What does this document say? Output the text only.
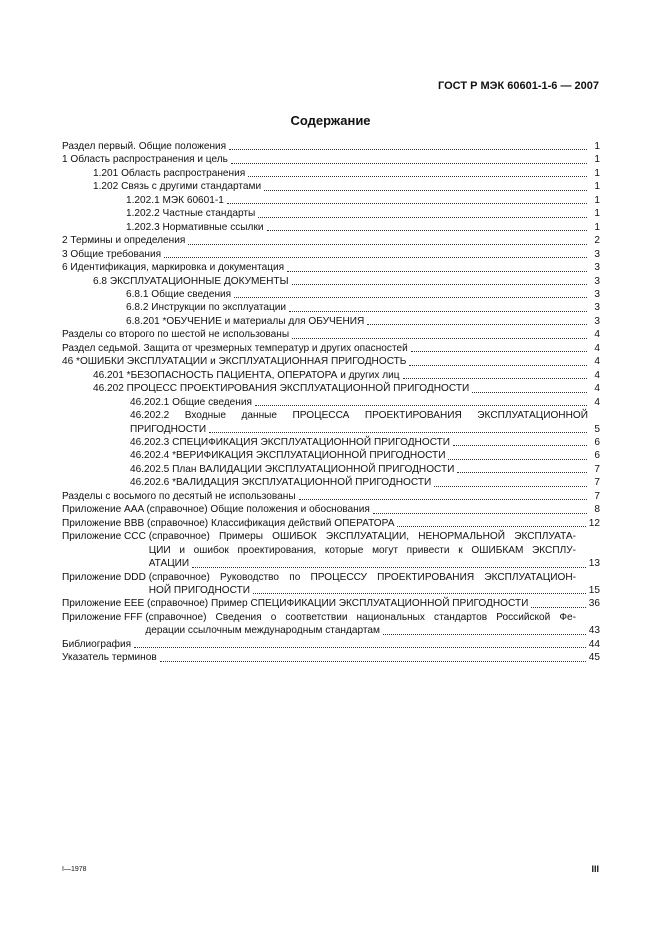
ГОСТ Р МЭК 60601-1-6 — 2007
Содержание
Раздел первый. Общие положения	1
1 Область распространения и цель	1
1.201 Область распространения	1
1.202 Связь с другими стандартами	1
1.202.1 МЭК 60601-1	1
1.202.2 Частные стандарты	1
1.202.3 Нормативные ссылки	1
2 Термины и определения	2
3 Общие требования	3
6 Идентификация, маркировка и документация	3
6.8 ЭКСПЛУАТАЦИОННЫЕ ДОКУМЕНТЫ	3
6.8.1 Общие сведения	3
6.8.2 Инструкции по эксплуатации	3
6.8.201 *ОБУЧЕНИЕ и материалы для ОБУЧЕНИЯ	3
Разделы со второго по шестой не использованы	4
Раздел седьмой. Защита от чрезмерных температур и других опасностей	4
46 *ОШИБКИ ЭКСПЛУАТАЦИИ и ЭКСПЛУАТАЦИОННАЯ ПРИГОДНОСТЬ	4
46.201 *БЕЗОПАСНОСТЬ ПАЦИЕНТА, ОПЕРАТОРА и других лиц	4
46.202 ПРОЦЕСС ПРОЕКТИРОВАНИЯ ЭКСПЛУАТАЦИОННОЙ ПРИГОДНОСТИ	4
46.202.1 Общие сведения	4
46.202.2 Входные данные ПРОЦЕССА ПРОЕКТИРОВАНИЯ ЭКСПЛУАТАЦИОННОЙ
ПРИГОДНОСТИ	5
46.202.3 СПЕЦИФИКАЦИЯ ЭКСПЛУАТАЦИОННОЙ ПРИГОДНОСТИ	6
46.202.4 *ВЕРИФИКАЦИЯ ЭКСПЛУАТАЦИОННОЙ ПРИГОДНОСТИ	6
46.202.5 План ВАЛИДАЦИИ ЭКСПЛУАТАЦИОННОЙ ПРИГОДНОСТИ	7
46.202.6 *ВАЛИДАЦИЯ ЭКСПЛУАТАЦИОННОЙ ПРИГОДНОСТИ	7
Разделы с восьмого по десятый не использованы	7
Приложение AAA (справочное) Общие положения и обоснования	8
Приложение BBB (справочное) Классификация действий ОПЕРАТОРА	12
Приложение CCC (справочное) Примеры ОШИБОК ЭКСПЛУАТАЦИИ, НЕНОРМАЛЬНОЙ ЭКСПЛУАТА-
ЦИИ и ошибок проектирования, которые могут привести к ОШИБКАМ ЭКСПЛУ-
АТАЦИИ	13
Приложение DDD (справочное) Руководство по ПРОЦЕССУ ПРОЕКТИРОВАНИЯ ЭКСПЛУАТАЦИОН-
НОЙ ПРИГОДНОСТИ	15
Приложение EEE (справочное) Пример СПЕЦИФИКАЦИИ ЭКСПЛУАТАЦИОННОЙ ПРИГОДНОСТИ	36
Приложение FFF (справочное) Сведения о соответствии национальных стандартов Российской Фе-
дерации ссылочным международным стандартам	43
Библиография	44
Указатель терминов	45
I—1978	III
